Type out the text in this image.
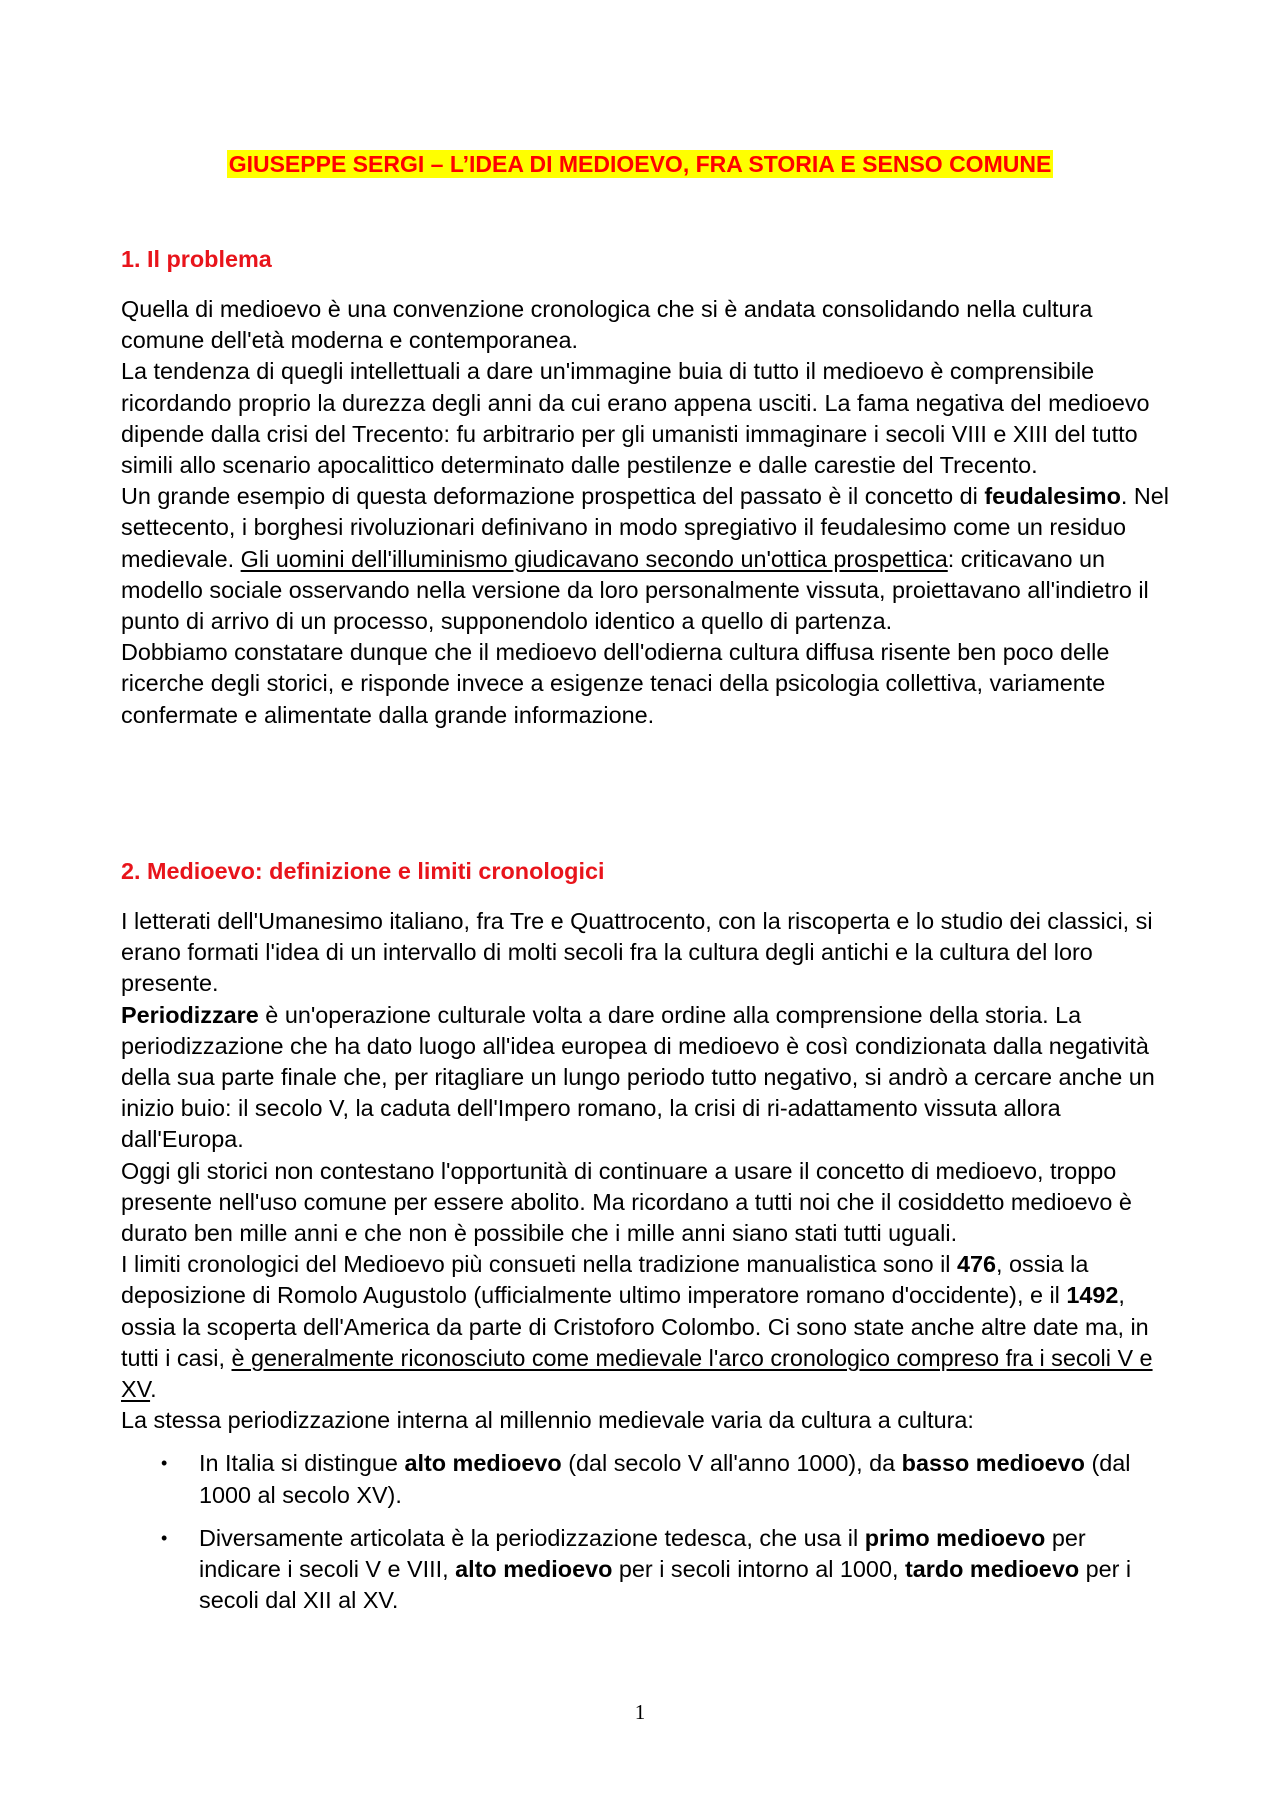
GIUSEPPE SERGI – L’IDEA DI MEDIOEVO, FRA STORIA E SENSO COMUNE
1. Il problema

Quella di medioevo è una convenzione cronologica che si è andata consolidando nella cultura comune dell'età moderna e contemporanea.

La tendenza di quegli intellettuali a dare un'immagine buia di tutto il medioevo è comprensibile ricordando proprio la durezza degli anni da cui erano appena usciti. La fama negativa del medioevo dipende dalla crisi del Trecento: fu arbitrario per gli umanisti immaginare i secoli VIII e XIII del tutto simili allo scenario apocalittico determinato dalle pestilenze e dalle carestie del Trecento.

Un grande esempio di questa deformazione prospettica del passato è il concetto di feudalesimo. Nel settecento, i borghesi rivoluzionari definivano in modo spregiativo il feudalesimo come un residuo medievale. Gli uomini dell'illuminismo giudicavano secondo un'ottica prospettica: criticavano un modello sociale osservando nella versione da loro personalmente vissuta, proiettavano all'indietro il punto di arrivo di un processo, supponendolo identico a quello di partenza.

Dobbiamo constatare dunque che il medioevo dell'odierna cultura diffusa risente ben poco delle ricerche degli storici, e risponde invece a esigenze tenaci della psicologia collettiva, variamente confermate e alimentate dalla grande informazione.

2. Medioevo: definizione e limiti cronologici

I letterati dell'Umanesimo italiano, fra Tre e Quattrocento, con la riscoperta e lo studio dei classici, si erano formati l'idea di un intervallo di molti secoli fra la cultura degli antichi e la cultura del loro presente.

Periodizzare è un'operazione culturale volta a dare ordine alla comprensione della storia. La periodizzazione che ha dato luogo all'idea europea di medioevo è così condizionata dalla negatività della sua parte finale che, per ritagliare un lungo periodo tutto negativo, si andrò a cercare anche un inizio buio: il secolo V, la caduta dell'Impero romano, la crisi di ri-adattamento vissuta allora dall'Europa.

Oggi gli storici non contestano l'opportunità di continuare a usare il concetto di medioevo, troppo presente nell'uso comune per essere abolito. Ma ricordano a tutti noi che il cosiddetto medioevo è durato ben mille anni e che non è possibile che i mille anni siano stati tutti uguali.

I limiti cronologici del Medioevo più consueti nella tradizione manualistica sono il 476, ossia la deposizione di Romolo Augustolo (ufficialmente ultimo imperatore romano d'occidente), e il 1492, ossia la scoperta dell'America da parte di Cristoforo Colombo. Ci sono state anche altre date ma, in tutti i casi, è generalmente riconosciuto come medievale l'arco cronologico compreso fra i secoli V e XV.

La stessa periodizzazione interna al millennio medievale varia da cultura a cultura:

• In Italia si distingue alto medioevo (dal secolo V all'anno 1000), da basso medioevo (dal 1000 al secolo XV).
• Diversamente articolata è la periodizzazione tedesca, che usa il primo medioevo per indicare i secoli V e VIII, alto medioevo per i secoli intorno al 1000, tardo medioevo per i secoli dal XII al XV.
1
